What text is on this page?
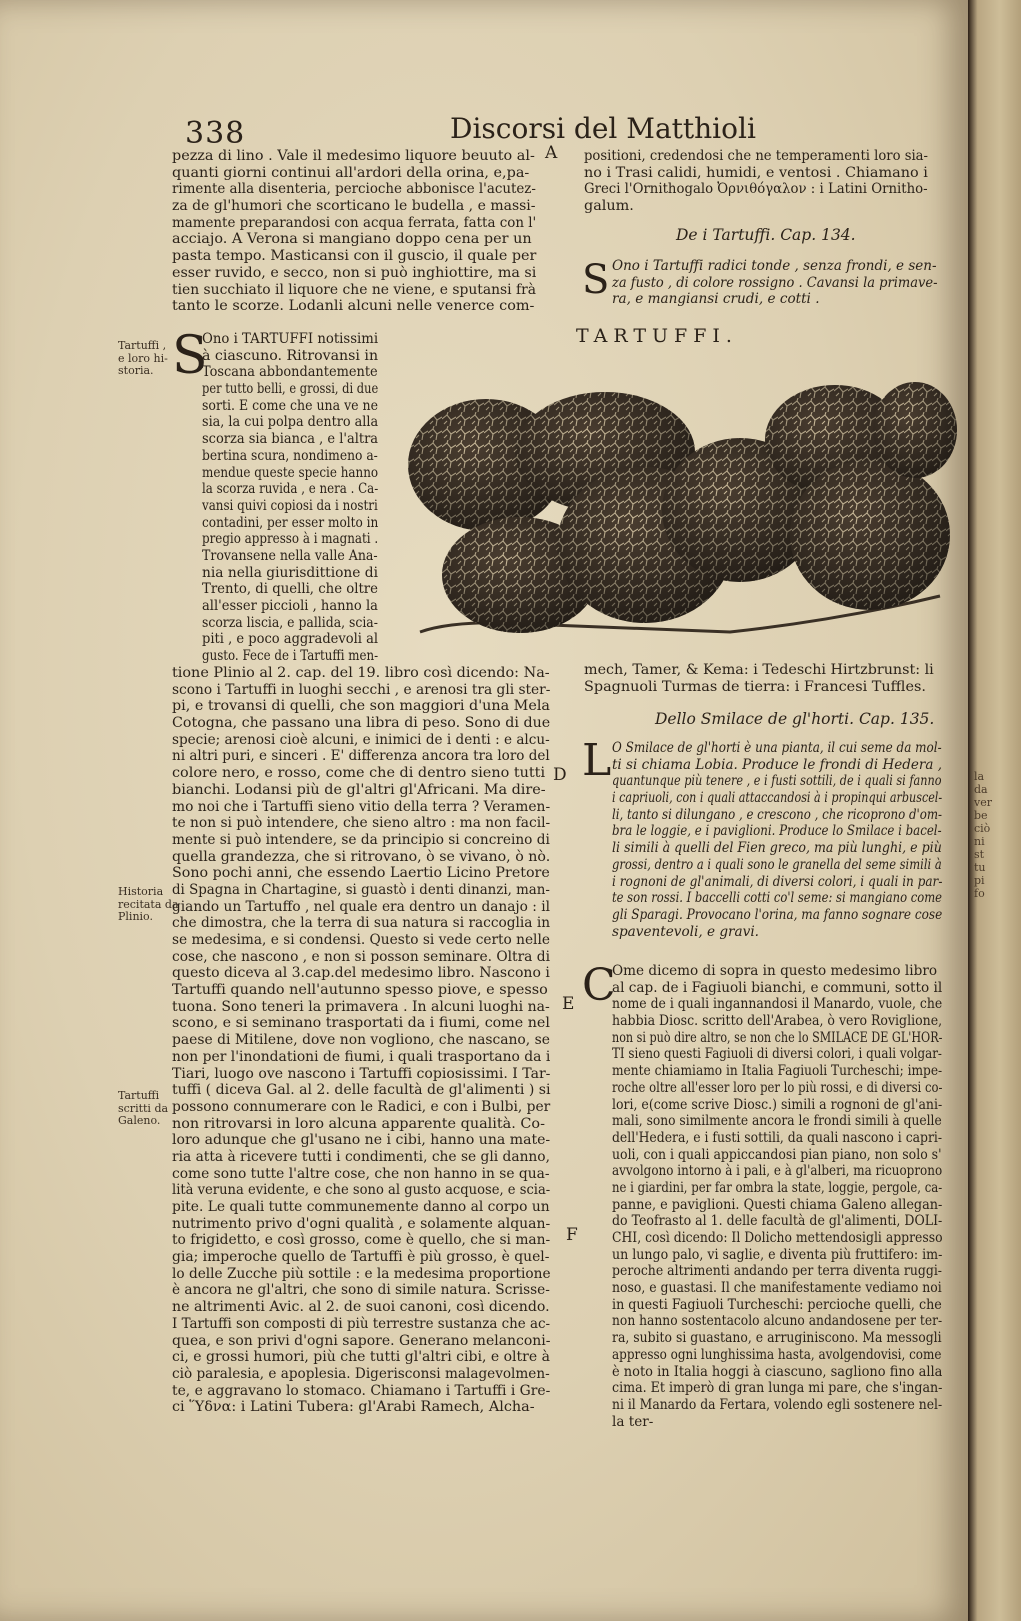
338	Discorsi del Matthioli
pezza di lino . Vale il medesimo liquore beuuto al-
quanti giorni continui all'ardori della orina, e,pa-
rimente alla disenteria, percioche abbonisce l'acutez-
za de gl'humori che scorticano le budella , e massi-
mamente preparandosi con acqua ferrata, fatta con l'
acciajo. A Verona si mangiano doppo cena per un
pasta tempo. Masticansi con il guscio, il quale per
esser ruvido, e secco, non si può inghiottire, ma si
tien succhiato il liquore che ne viene, e sputansi frà
tanto le scorze. Lodanli alcuni nelle venerce com-
A
Tartuffi ,
e loro hi-
storia.
Historia
recitata da
Plinio.
Tartuffi
scritti da
Galeno.
S
Ono i TARTUFFI notissimi
à ciascuno. Ritrovansi in
Toscana abbondantemente
per tutto belli, e grossi, di due
sorti. E come che una ve ne
sia, la cui polpa dentro alla
scorza sia bianca , e l'altra
bertina scura, nondimeno a-
mendue queste specie hanno
la scorza ruvida , e nera . Ca-
vansi quivi copiosi da i nostri
contadini, per esser molto in
pregio appresso à i magnati .
Trovansene nella valle Ana-
nia nella giurisdittione di
Trento, di quelli, che oltre
all'esser piccioli , hanno la
scorza liscia, e pallida, scia-
piti , e poco aggradevoli al
gusto. Fece de i Tartuffi men-
tione Plinio al 2. cap. del 19. libro così dicendo: Na-
scono i Tartuffi in luoghi secchi , e arenosi tra gli ster-
pi, e trovansi di quelli, che son maggiori d'una Mela
Cotogna, che passano una libra di peso. Sono di due
specie; arenosi cioè alcuni, e inimici de i denti : e alcu-
ni altri puri, e sinceri . E' differenza ancora tra loro del
colore nero, e rosso, come che di dentro sieno tutti
bianchi. Lodansi più de gl'altri gl'Africani. Ma dire-
mo noi che i Tartuffi sieno vitio della terra ? Veramen-
te non si può intendere, che sieno altro : ma non facil-
mente si può intendere, se da principio si concreino di
quella grandezza, che si ritrovano, ò se vivano, ò nò.
Sono pochi anni, che essendo Laertio Licino Pretore
di Spagna in Chartagine, si guastò i denti dinanzi, man-
giando un Tartuffo , nel quale era dentro un danajo : il
che dimostra, che la terra di sua natura si raccoglia in
se medesima, e si condensi. Questo si vede certo nelle
cose, che nascono , e non si posson seminare. Oltra di
questo diceva al 3.cap.del medesimo libro. Nascono i
Tartuffi quando nell'autunno spesso piove, e spesso
tuona. Sono teneri la primavera . In alcuni luoghi na-
scono, e si seminano trasportati da i fiumi, come nel
paese di Mitilene, dove non vogliono, che nascano, se
non per l'inondationi de fiumi, i quali trasportano da i
Tiari, luogo ove nascono i Tartuffi copiosissimi. I Tar-
tuffi ( diceva Gal. al 2. delle facultà de gl'alimenti ) si
possono connumerare con le Radici, e con i Bulbi, per
non ritrovarsi in loro alcuna apparente qualità. Co-
loro adunque che gl'usano ne i cibi, hanno una mate-
ria atta à ricevere tutti i condimenti, che se gli danno,
come sono tutte l'altre cose, che non hanno in se qua-
lità veruna evidente, e che sono al gusto acquose, e scia-
pite. Le quali tutte communemente danno al corpo un
nutrimento privo d'ogni qualità , e solamente alquan-
to frigidetto, e così grosso, come è quello, che si man-
gia; imperoche quello de Tartuffi è più grosso, è quel-
lo delle Zucche più sottile : e la medesima proportione
è ancora ne gl'altri, che sono di simile natura. Scrisse-
ne altrimenti Avic. al 2. de suoi canoni, così dicendo.
I Tartuffi son composti di più terrestre sustanza che ac-
quea, e son privi d'ogni sapore. Generano melanconi-
ci, e grossi humori, più che tutti gl'altri cibi, e oltre à
ciò paralesia, e apoplesia. Digerisconsi malagevolmen-
te, e aggravano lo stomaco. Chiamano i Tartuffi i Gre-
ci Ὕδνα: i Latini Tubera: gl'Arabi Ramech, Alcha-
D
E
F
positioni, credendosi che ne temperamenti loro sia-
no i Trasi calidi, humidi, e ventosi . Chiamano i
Greci l'Ornithogalo Ὀρνιθόγαλον : i Latini Ornitho-
galum.
De i Tartuffi. Cap. 134.
S Ono i Tartuffi radici tonde , senza frondi, e sen-
za fusto , di colore rossigno . Cavansi la primave-
ra, e mangiansi crudi, e cotti .
TARTUFFI.
mech, Tamer, & Kema: i Tedeschi Hirtzbrunst: li
Spagnuoli Turmas de tierra: i Francesi Tuffles.
Dello Smilace de gl'horti. Cap. 135.
L O Smilace de gl'horti è una pianta, il cui seme da mol-
ti si chiama Lobia. Produce le frondi di Hedera ,
quantunque più tenere , e i fusti sottili, de i quali si fanno
i capriuoli, con i quali attaccandosi à i propinqui arbuscel-
li, tanto si dilungano , e crescono , che ricoprono d'om-
bra le loggie, e i paviglioni. Produce lo Smilace i bacel-
li simili à quelli del Fien greco, ma più lunghi, e più
grossi, dentro a i quali sono le granella del seme simili à
i rognoni de gl'animali, di diversi colori, i quali in par-
te son rossi. I baccelli cotti co'l seme: si mangiano come
gli Sparagi. Provocano l'orina, ma fanno sognare cose
spaventevoli, e gravi.
C
Ome dicemo di sopra in questo medesimo libro
al cap. de i Fagiuoli bianchi, e communi, sotto il
nome de i quali ingannandosi il Manardo, vuole, che
habbia Diosc. scritto dell'Arabea, ò vero Roviglione,
non si può dire altro, se non che lo SMILACE DE GL'HOR-
TI sieno questi Fagiuoli di diversi colori, i quali volgar-
mente chiamiamo in Italia Fagiuoli Turcheschi; impe-
roche oltre all'esser loro per lo più rossi, e di diversi co-
lori, e(come scrive Diosc.) simili a rognoni de gl'ani-
mali, sono similmente ancora le frondi simili à quelle
dell'Hedera, e i fusti sottili, da quali nascono i capri-
uoli, con i quali appiccandosi pian piano, non solo s'
avvolgono intorno à i pali, e à gl'alberi, ma ricuoprono
ne i giardini, per far ombra la state, loggie, pergole, ca-
panne, e paviglioni. Questi chiama Galeno allegan-
do Teofrasto al 1. delle facultà de gl'alimenti, DOLI-
CHI, così dicendo: Il Dolicho mettendosigli appresso
un lungo palo, vi saglie, e diventa più fruttifero: im-
peroche altrimenti andando per terra diventa ruggi-
noso, e guastasi. Il che manifestamente vediamo noi
in questi Fagiuoli Turcheschi: percioche quelli, che
non hanno sostentacolo alcuno andandosene per ter-
ra, subito si guastano, e arruginiscono. Ma messogli
appresso ogni lunghissima hasta, avolgendovisi, come
è noto in Italia hoggi à ciascuno, sagliono fino alla
cima. Et imperò di gran lunga mi pare, che s'ingan-
ni il Manardo da Fertara, volendo egli sostenere nel-
la ter-
la
da
ver
be
ciò
ni
st
tu
pi
fo
